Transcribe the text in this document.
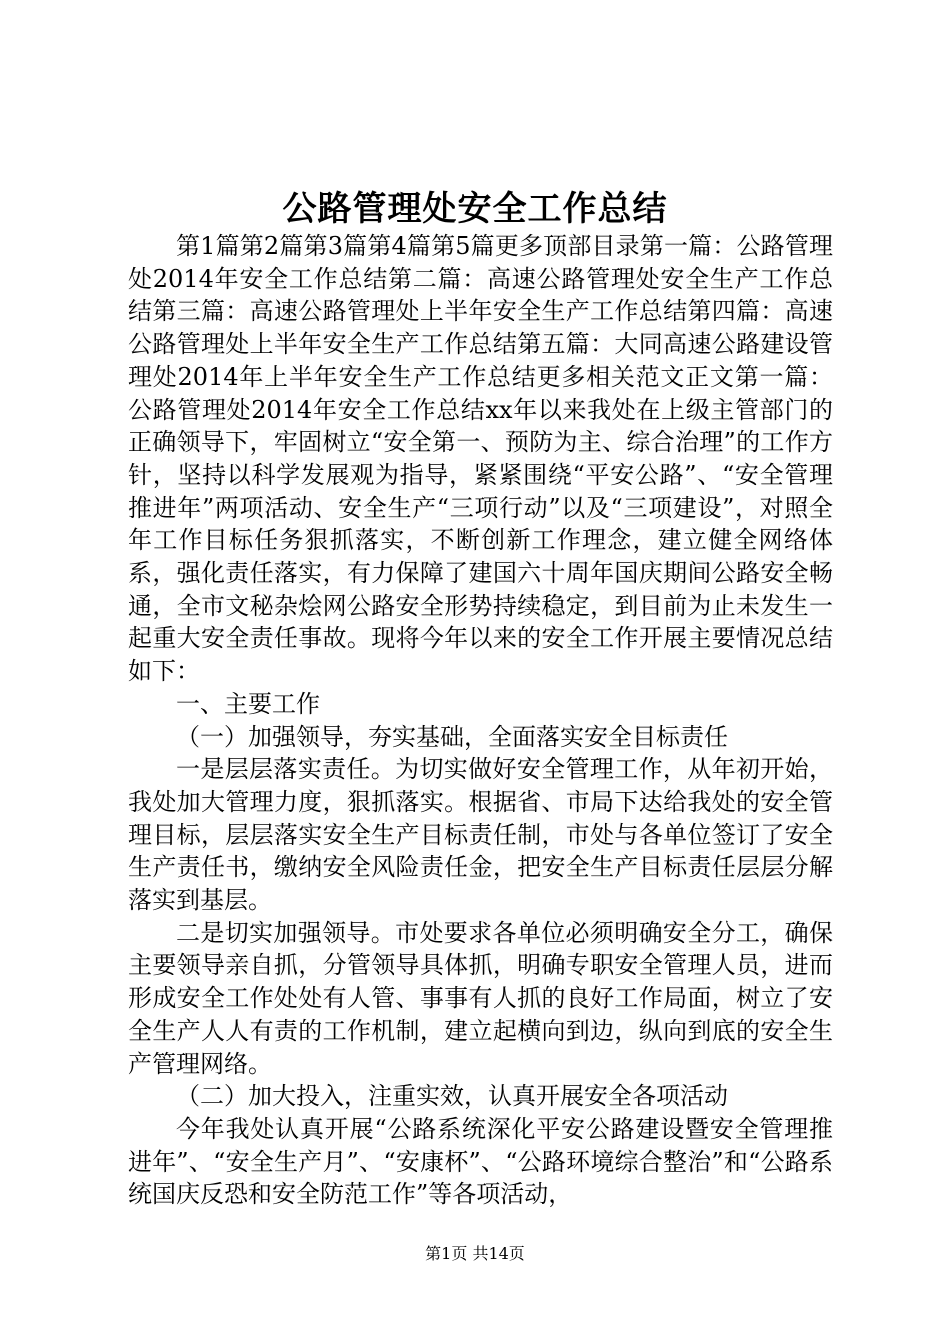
公路管理处安全工作总结

第1篇第2篇第3篇第4篇第5篇更多顶部目录第一篇：公路管理处2014年安全工作总结第二篇：高速公路管理处安全生产工作总结第三篇：高速公路管理处上半年安全生产工作总结第四篇：高速公路管理处上半年安全生产工作总结第五篇：大同高速公路建设管理处2014年上半年安全生产工作总结更多相关范文正文第一篇：公路管理处2014年安全工作总结xx年以来我处在上级主管部门的正确领导下，牢固树立“安全第一、预防为主、综合治理”的工作方针，坚持以科学发展观为指导，紧紧围绕“平安公路”、“安全管理推进年”两项活动、安全生产“三项行动”以及“三项建设”，对照全年工作目标任务狠抓落实，不断创新工作理念，建立健全网络体系，强化责任落实，有力保障了建国六十周年国庆期间公路安全畅通，全市文秘杂烩网公路安全形势持续稳定，到目前为止未发生一起重大安全责任事故。现将今年以来的安全工作开展主要情况总结如下：

一、主要工作

（一）加强领导，夯实基础，全面落实安全目标责任

一是层层落实责任。为切实做好安全管理工作，从年初开始，我处加大管理力度，狠抓落实。根据省、市局下达给我处的安全管理目标，层层落实安全生产目标责任制，市处与各单位签订了安全生产责任书，缴纳安全风险责任金，把安全生产目标责任层层分解落实到基层。

二是切实加强领导。市处要求各单位必须明确安全分工，确保主要领导亲自抓，分管领导具体抓，明确专职安全管理人员，进而形成安全工作处处有人管、事事有人抓的良好工作局面，树立了安全生产人人有责的工作机制，建立起横向到边，纵向到底的安全生产管理网络。

（二）加大投入，注重实效，认真开展安全各项活动

今年我处认真开展“公路系统深化平安公路建设暨安全管理推进年”、“安全生产月”、“安康杯”、“公路环境综合整治”和“公路系统国庆反恐和安全防范工作”等各项活动，

第1页 共14页
